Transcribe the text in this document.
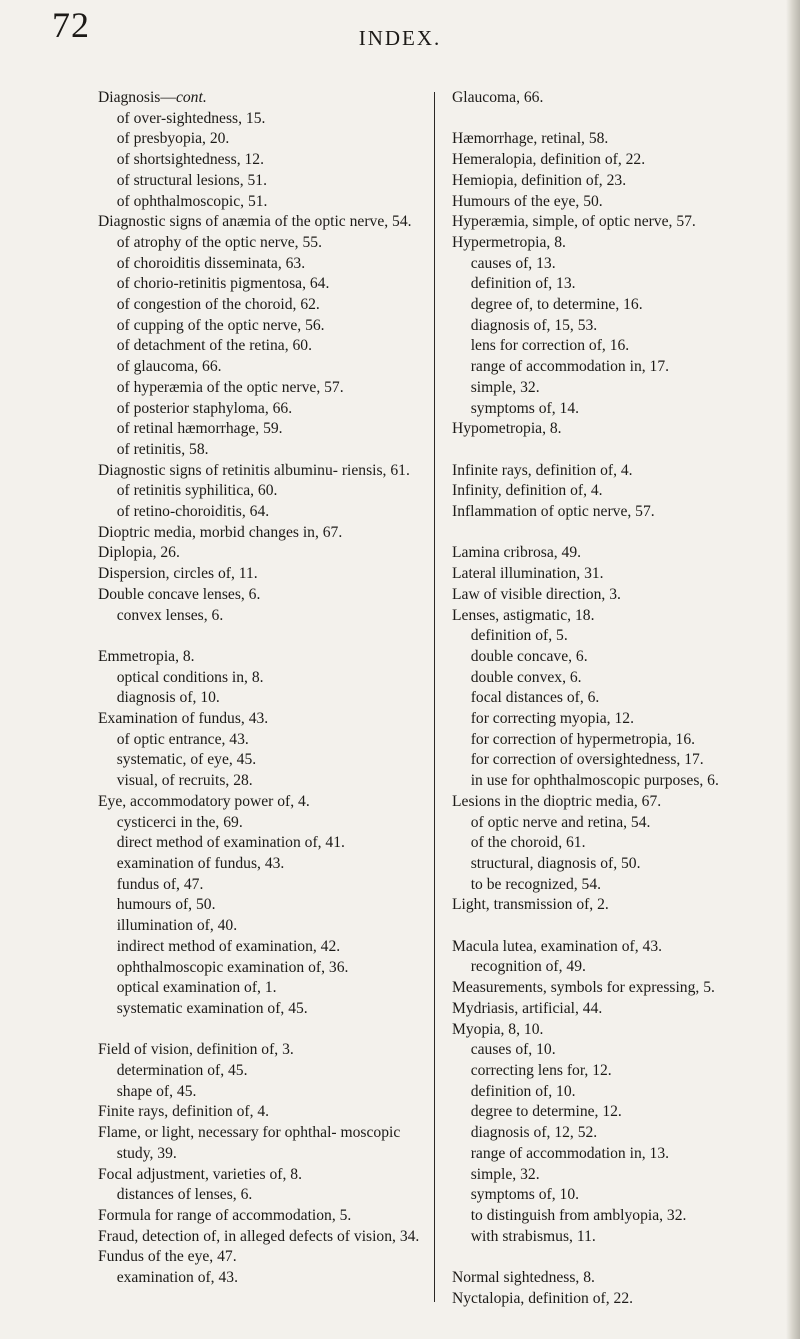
72	INDEX.
Diagnosis—cont.
of over-sightedness, 15.
of presbyopia, 20.
of shortsightedness, 12.
of structural lesions, 51.
of ophthalmoscopic, 51.
Diagnostic signs of anæmia of the optic nerve, 54.
of atrophy of the optic nerve, 55.
of choroiditis disseminata, 63.
of chorio-retinitis pigmentosa, 64.
of congestion of the choroid, 62.
of cupping of the optic nerve, 56.
of detachment of the retina, 60.
of glaucoma, 66.
of hyperæmia of the optic nerve, 57.
of posterior staphyloma, 66.
of retinal hæmorrhage, 59.
of retinitis, 58.
Diagnostic signs of retinitis albuminu- riensis, 61.
of retinitis syphilitica, 60.
of retino-choroiditis, 64.
Dioptric media, morbid changes in, 67.
Diplopia, 26.
Dispersion, circles of, 11.
Double concave lenses, 6.
convex lenses, 6.
Emmetropia, 8.
optical conditions in, 8.
diagnosis of, 10.
Examination of fundus, 43.
of optic entrance, 43.
systematic, of eye, 45.
visual, of recruits, 28.
Eye, accommodatory power of, 4.
cysticerci in the, 69.
direct method of examination of, 41.
examination of fundus, 43.
fundus of, 47.
humours of, 50.
illumination of, 40.
indirect method of examination, 42.
ophthalmoscopic examination of, 36.
optical examination of, 1.
systematic examination of, 45.
Field of vision, definition of, 3.
determination of, 45.
shape of, 45.
Finite rays, definition of, 4.
Flame, or light, necessary for ophthal- moscopic study, 39.
Focal adjustment, varieties of, 8.
distances of lenses, 6.
Formula for range of accommodation, 5.
Fraud, detection of, in alleged defects of vision, 34.
Fundus of the eye, 47.
examination of, 43.
Glaucoma, 66.
Hæmorrhage, retinal, 58.
Hemeralopia, definition of, 22.
Hemiopia, definition of, 23.
Humours of the eye, 50.
Hyperæmia, simple, of optic nerve, 57.
Hypermetropia, 8.
causes of, 13.
definition of, 13.
degree of, to determine, 16.
diagnosis of, 15, 53.
lens for correction of, 16.
range of accommodation in, 17.
simple, 32.
symptoms of, 14.
Hypometropia, 8.
Infinite rays, definition of, 4.
Infinity, definition of, 4.
Inflammation of optic nerve, 57.
Lamina cribrosa, 49.
Lateral illumination, 31.
Law of visible direction, 3.
Lenses, astigmatic, 18.
definition of, 5.
double concave, 6.
double convex, 6.
focal distances of, 6.
for correcting myopia, 12.
for correction of hypermetropia, 16.
for correction of oversightedness, 17.
in use for ophthalmoscopic purposes, 6.
Lesions in the dioptric media, 67.
of optic nerve and retina, 54.
of the choroid, 61.
structural, diagnosis of, 50.
to be recognized, 54.
Light, transmission of, 2.
Macula lutea, examination of, 43.
recognition of, 49.
Measurements, symbols for expressing, 5.
Mydriasis, artificial, 44.
Myopia, 8, 10.
causes of, 10.
correcting lens for, 12.
definition of, 10.
degree to determine, 12.
diagnosis of, 12, 52.
range of accommodation in, 13.
simple, 32.
symptoms of, 10.
to distinguish from amblyopia, 32.
with strabismus, 11.
Normal sightedness, 8.
Nyctalopia, definition of, 22.
